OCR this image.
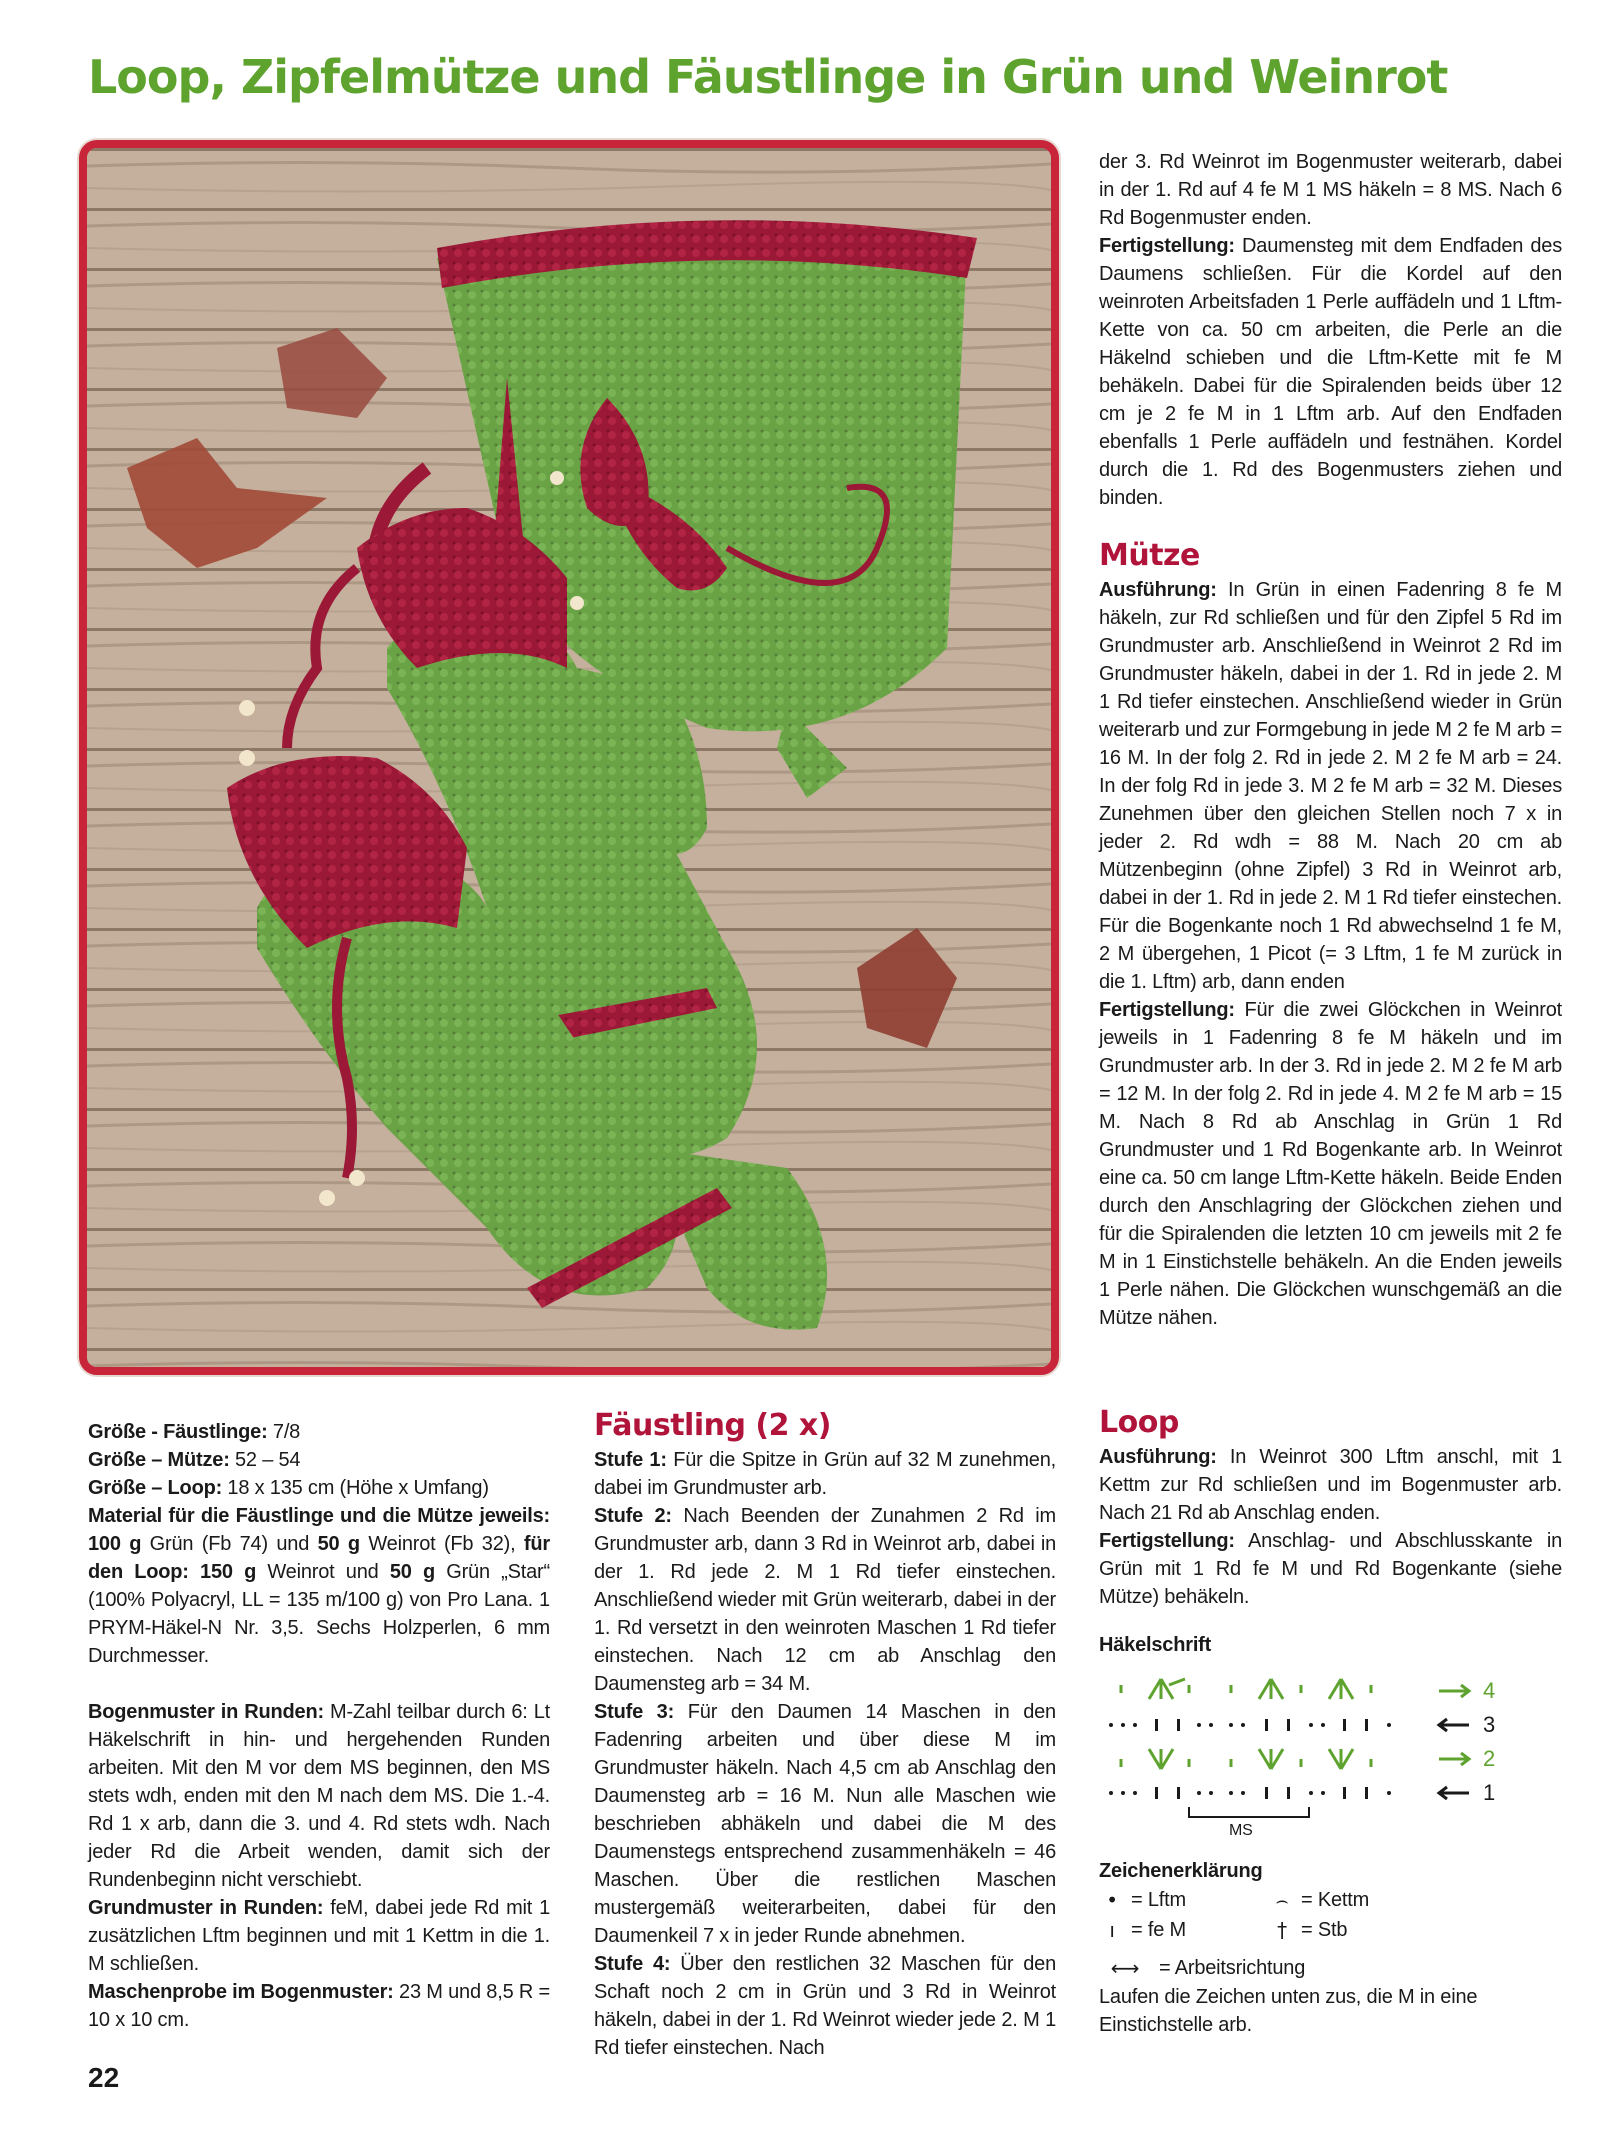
Loop, Zipfelmütze und Fäustlinge in Grün und Weinrot

der 3. Rd Weinrot im Bogenmuster weiterarb, dabei in der 1. Rd auf 4 fe M 1 MS häkeln = 8 MS. Nach 6 Rd Bogenmuster enden.

Fertigstellung: Daumensteg mit dem Endfaden des Daumens schließen. Für die Kordel auf den weinroten Arbeitsfaden 1 Perle auffädeln und 1 Lftm-Kette von ca. 50 cm arbeiten, die Perle an die Häkelnd schieben und die Lftm-Kette mit fe M behäkeln. Dabei für die Spiralenden beids über 12 cm je 2 fe M in 1 Lftm arb. Auf den Endfaden ebenfalls 1 Perle auffädeln und festnähen. Kordel durch die 1. Rd des Bogenmusters ziehen und binden.

Mütze

Ausführung: In Grün in einen Fadenring 8 fe M häkeln, zur Rd schließen und für den Zipfel 5 Rd im Grundmuster arb. Anschließend in Weinrot 2 Rd im Grundmuster häkeln, dabei in der 1. Rd in jede 2. M 1 Rd tiefer einstechen. Anschließend wieder in Grün weiterarb und zur Formgebung in jede M 2 fe M arb = 16 M. In der folg 2. Rd in jede 2. M 2 fe M arb = 24. In der folg Rd in jede 3. M 2 fe M arb = 32 M. Dieses Zunehmen über den gleichen Stellen noch 7 x in jeder 2. Rd wdh = 88 M. Nach 20 cm ab Mützenbeginn (ohne Zipfel) 3 Rd in Weinrot arb, dabei in der 1. Rd in jede 2. M 1 Rd tiefer einstechen. Für die Bogenkante noch 1 Rd abwechselnd 1 fe M, 2 M übergehen, 1 Picot (= 3 Lftm, 1 fe M zurück in die 1. Lftm) arb, dann enden

Fertigstellung: Für die zwei Glöckchen in Weinrot jeweils in 1 Fadenring 8 fe M häkeln und im Grundmuster arb. In der 3. Rd in jede 2. M 2 fe M arb = 12 M. In der folg 2. Rd in jede 4. M 2 fe M arb = 15 M. Nach 8 Rd ab Anschlag in Grün 1 Rd Grundmuster und 1 Rd Bogenkante arb. In Weinrot eine ca. 50 cm lange Lftm-Kette häkeln. Beide Enden durch den Anschlagring der Glöckchen ziehen und für die Spiralenden die letzten 10 cm jeweils mit 2 fe M in 1 Einstichstelle behäkeln. An die Enden jeweils 1 Perle nähen. Die Glöckchen wunschgemäß an die Mütze nähen.

Größe - Fäustlinge: 7/8

Größe – Mütze: 52 – 54

Größe – Loop: 18 x 135 cm (Höhe x Umfang)

Material für die Fäustlinge und die Mütze jeweils: 100 g Grün (Fb 74) und 50 g Weinrot (Fb 32), für den Loop: 150 g Weinrot und 50 g Grün „Star“ (100% Polyacryl, LL = 135 m/100 g) von Pro Lana. 1 PRYM-Häkel-N Nr. 3,5. Sechs Holzperlen, 6 mm Durchmesser.

Bogenmuster in Runden: M-Zahl teilbar durch 6: Lt Häkelschrift in hin- und hergehenden Runden arbeiten. Mit den M vor dem MS beginnen, den MS stets wdh, enden mit den M nach dem MS. Die 1.-4. Rd 1 x arb, dann die 3. und 4. Rd stets wdh. Nach jeder Rd die Arbeit wenden, damit sich der Rundenbeginn nicht verschiebt.

Grundmuster in Runden: feM, dabei jede Rd mit 1 zusätzlichen Lftm beginnen und mit 1 Kettm in die 1. M schließen.

Maschenprobe im Bogenmuster: 23 M und 8,5 R = 10 x 10 cm.

Fäustling (2 x)

Stufe 1: Für die Spitze in Grün auf 32 M zunehmen, dabei im Grundmuster arb.

Stufe 2: Nach Beenden der Zunahmen 2 Rd im Grundmuster arb, dann 3 Rd in Weinrot arb, dabei in der 1. Rd jede 2. M 1 Rd tiefer einstechen. Anschließend wieder mit Grün weiterarb, dabei in der 1. Rd versetzt in den weinroten Maschen 1 Rd tiefer einstechen. Nach 12 cm ab Anschlag den Daumensteg arb = 34 M.

Stufe 3: Für den Daumen 14 Maschen in den Fadenring arbeiten und über diese M im Grundmuster häkeln. Nach 4,5 cm ab Anschlag den Daumensteg arb = 16 M. Nun alle Maschen wie beschrieben abhäkeln und dabei die M des Daumenstegs entsprechend zusammenhäkeln = 46 Maschen. Über die restlichen Maschen mustergemäß weiterarbeiten, dabei für den Daumenkeil 7 x in jeder Runde abnehmen.

Stufe 4: Über den restlichen 32 Maschen für den Schaft noch 2 cm in Grün und 3 Rd in Weinrot häkeln, dabei in der 1. Rd Weinrot wieder jede 2. M 1 Rd tiefer einstechen. Nach

Loop

Ausführung: In Weinrot 300 Lftm anschl, mit 1 Kettm zur Rd schließen und im Bogenmuster arb. Nach 21 Rd ab Anschlag enden.

Fertigstellung: Anschlag- und Abschlusskante in Grün mit 1 Rd fe M und Rd Bogenkante (siehe Mütze) behäkeln.

Häkelschrift
MS
4
3
2
1
Zeichenerklärung
• = Lftm	⌢ = Kettm
ı = fe M	† = Stb
⟷ = Arbeitsrichtung

Laufen die Zeichen unten zus, die M in eine Einstichstelle arb.

22
